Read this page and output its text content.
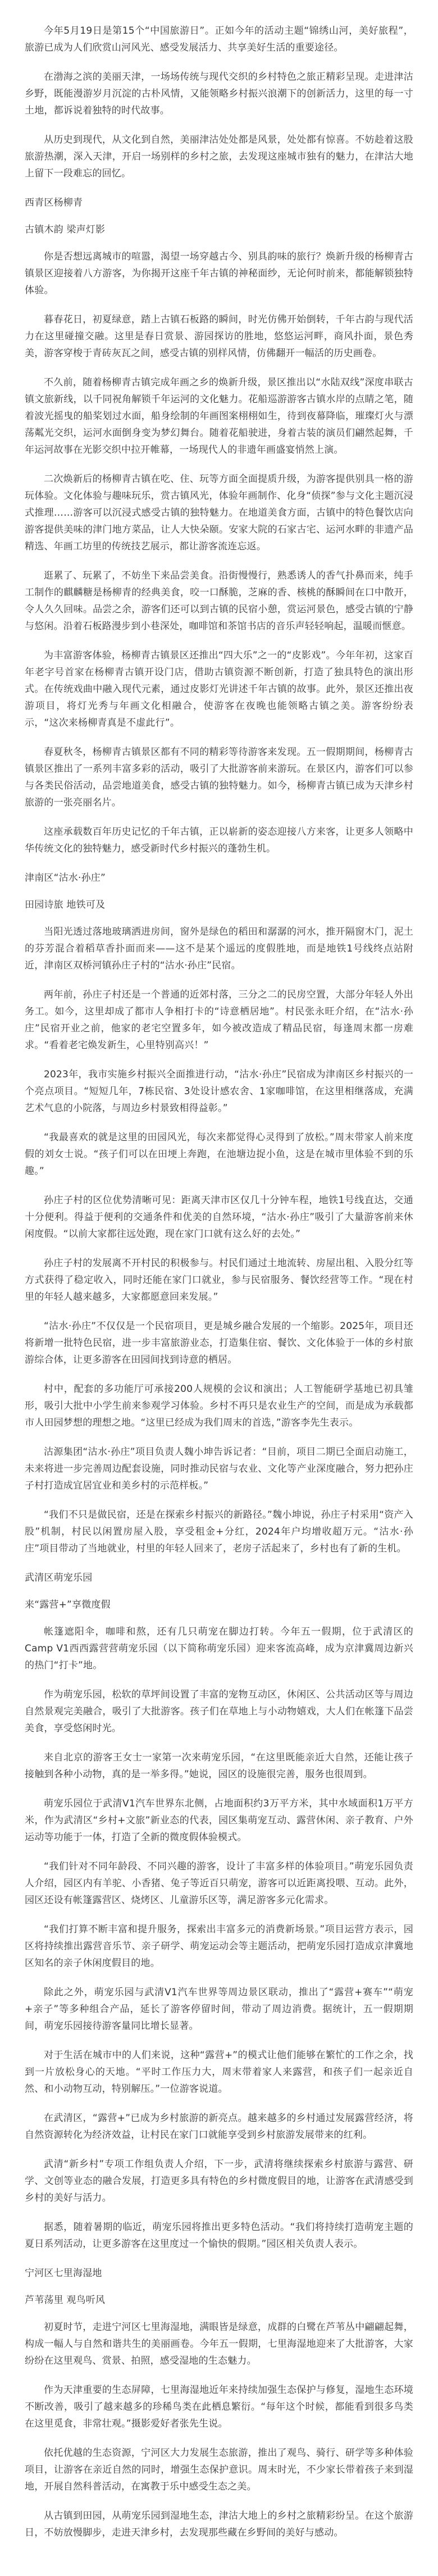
今年5月19日是第15个“中国旅游日”。正如今年的活动主题“锦绣山河，美好旅程”，旅游已成为人们欣赏山河风光、感受发展活力、共享美好生活的重要途径。

在渤海之滨的美丽天津，一场场传统与现代交织的乡村特色之旅正精彩呈现。走进津沽乡野，既能漫游岁月沉淀的古朴风情，又能领略乡村振兴浪潮下的创新活力，这里的每一寸土地，都诉说着独特的时代故事。

从历史到现代，从文化到自然，美丽津沽处处都是风景，处处都有惊喜。不妨趁着这股旅游热潮，深入天津，开启一场别样的乡村之旅，去发现这座城市独有的魅力，在津沽大地上留下一段难忘的回忆。

西青区杨柳青
古镇木韵 梁声灯影

你是否想远离城市的喧嚣，渴望一场穿越古今、别具韵味的旅行？焕新升级的杨柳青古镇景区迎接着八方游客，为你揭开这座千年古镇的神秘面纱，无论何时前来，都能解锁独特体验。

暮春花日，初夏绿意，踏上古镇石板路的瞬间，时光仿佛开始倒转，千年古韵与现代活力在这里碰撞交融。这里是春日赏景、游园探访的胜地，悠悠运河畔，商风扑面，景色秀美，游客穿梭于青砖灰瓦之间，感受古镇的别样风情，仿佛翻开一幅活的历史画卷。

不久前，随着杨柳青古镇完成年画之乡的焕新升级，景区推出以“水陆双线”深度串联古镇文旅新线，以千同祝角解锁千年运河的文化魅力。花船巡游游客古镇水岸的点睛之笔，随着波光摇曳的船桨划过水面，船身绘制的年画图案栩栩如生，待到夜幕降临，璀璨灯火与漂荡粼光交织，运河水面倒身变为梦幻舞台。随着花船驶进，身着古装的演员们翩然起舞，千年运河故事在光影交织中拉开帷幕，一场现代人的非遗年画盛宴悄然上演。

二次焕新后的杨柳青古镇在吃、住、玩等方面全面提质升级，为游客提供别具一格的游玩体验。文化体验与趣味玩乐，赏古镇风光，体验年画制作、化身“侦探”参与文化主题沉浸式推理……游客可以沉浸式感受古镇的独特魅力。在地道美食方面，古镇中的特色餐饮店向游客提供美味的津门地方菜品，让人大快朵颐。安家大院的石家古宅、运河水畔的非遗产品精选、年画工坊里的传统技艺展示，都让游客流连忘返。

逛累了、玩累了，不妨坐下来品尝美食。沿街慢慢行，熟悉诱人的香气扑鼻而来，纯手工制作的麒麟糖是杨柳青的经典美食，咬一口酥脆，芝麻的香、核桃的酥瞬间在口中散开，令人久久回味。品尝之余，游客们还可以到古镇的民宿小憩，赏运河景色，感受古镇的宁静与悠闲。沿着石板路漫步到小巷深处，咖啡馆和茶馆书店的音乐声轻轻响起，温暖而惬意。

为丰富游客体验，杨柳青古镇景区还推出“四大乐”之一的“皮影戏”。今年年初，这家百年老字号首家在杨柳青古镇开设门店，借助古镇资源不断创新，打造了独具特色的演出形式。在传统戏曲中融入现代元素，通过皮影灯光讲述千年古镇的故事。此外，景区还推出夜游项目，将灯光秀与年画文化相融合，使游客在夜晚也能领略古镇之美。游客纷纷表示，“这次来杨柳青真是不虚此行”。

春夏秋冬，杨柳青古镇景区都有不同的精彩等待游客来发现。五一假期期间，杨柳青古镇景区推出了一系列丰富多彩的活动，吸引了大批游客前来游玩。在景区内，游客们可以参与各类民俗活动，品尝地道美食，感受古镇的独特魅力。如今，杨柳青古镇已成为天津乡村旅游的一张亮丽名片。

这座承载数百年历史记忆的千年古镇，正以崭新的姿态迎接八方来客，让更多人领略中华传统文化的独特魅力，感受新时代乡村振兴的蓬勃生机。

津南区“沽水·孙庄”
田园诗旅 地铁可及

当阳光透过落地玻璃洒进房间，窗外是绿色的稻田和潺潺的河水，推开隔窗木门，泥土的芬芳混合着稻草香扑面而来——这不是某个遥远的度假胜地，而是地铁1号线终点站附近，津南区双桥河镇孙庄子村的“沽水·孙庄”民宿。

两年前，孙庄子村还是一个普通的近郊村落，三分之二的民房空置，大部分年轻人外出务工。如今，这里却成了都市人争相打卡的“诗意栖居地”。村民张永旺介绍，在“沽水·孙庄”民宿开业之前，他家的老宅空置多年，如今被改造成了精品民宿，每逢周末都一房难求。“看着老宅焕发新生，心里特别高兴！”

2023年，我市实施乡村振兴全面推进行动，“沽水·孙庄”民宿成为津南区乡村振兴的一个亮点项目。“短短几年，7栋民宿、3处设计感农舍、1家咖啡馆，在这里相继落成，充满艺术气息的小院落，与周边乡村景致相得益彰。”

“我最喜欢的就是这里的田园风光，每次来都觉得心灵得到了放松。”周末带家人前来度假的刘女士说。“孩子们可以在田埂上奔跑，在池塘边捉小鱼，这是在城市里体验不到的乐趣。”

孙庄子村的区位优势清晰可见：距离天津市区仅几十分钟车程，地铁1号线直达，交通十分便利。得益于便利的交通条件和优美的自然环境，“沽水·孙庄”吸引了大量游客前来休闲度假。“以前大家都往远处跑，现在家门口就有这么好的去处。”

孙庄子村的发展离不开村民的积极参与。村民们通过土地流转、房屋出租、入股分红等方式获得了稳定收入，同时还能在家门口就业，参与民宿服务、餐饮经营等工作。“现在村里的年轻人越来越多，大家都愿意回来发展。”

“沽水·孙庄”不仅仅是一个民宿项目，更是城乡融合发展的一个缩影。2025年，项目还将新增一批特色民宿，进一步丰富旅游业态，打造集住宿、餐饮、文化体验于一体的乡村旅游综合体，让更多游客在田园间找到诗意的栖居。

村中，配套的多功能厅可承接200人规模的会议和演出；人工智能研学基地已初具雏形，吸引大批中小学生前来参观学习体验。乡村不再只是农业生产的空间，而是成为承载都市人田园梦想的理想之地。“这里已经成为我们周末的首选，”游客李先生表示。

沽源集团“沽水·孙庄”项目负责人魏小坤告诉记者：“目前，项目二期已全面启动施工，未来将进一步完善周边配套设施，同时推动民宿与农业、文化等产业深度融合，努力把孙庄子村打造成宜居宜业和美乡村的示范样板。”

“我们不只是做民宿，还是在探索乡村振兴的新路径。”魏小坤说，孙庄子村采用“资产入股”机制，村民以闲置房屋入股，享受租金+分红，2024年户均增收超万元。“沽水·孙庄”项目带动了当地就业，村里的年轻人回来了，老房子活起来了，乡村也有了新的生机。

武清区萌宠乐园
来“露营+”享微度假

帐篷遮阳伞，咖啡和熬，还有几只萌宠在脚边打转。今年五一假期，位于武清区的Camp V1西西露营营萌宠乐园（以下简称萌宠乐园）迎来客流高峰，成为京津冀周边新兴的热门“打卡”地。

作为萌宠乐园，松软的草坪间设置了丰富的宠物互动区，休闲区、公共活动区等与周边自然景观完美融合，吸引了大批游客。孩子们在草地上与小动物嬉戏，大人们在帐篷下品尝美食，享受悠闲时光。

来自北京的游客王女士一家第一次来萌宠乐园，“在这里既能亲近大自然，还能让孩子接触到各种小动物，真的是一举多得。”她说，园区的设施很完善，服务也很周到。

萌宠乐园位于武清V1汽车世界东北侧，占地面积约3万平方米，其中水域面积1万平方米，作为武清区“乡村+文旅”新业态的代表，园区集萌宠互动、露营休闲、亲子教育、户外运动等功能于一体，打造了全新的微度假体验模式。

“我们针对不同年龄段、不同兴趣的游客，设计了丰富多样的体验项目。”萌宠乐园负责人介绍，园区内有羊驼、小香猪、兔子等近百只萌宠，游客可以近距离投喂、互动。此外，园区还设有帐篷露营区、烧烤区、儿童游乐区等，满足游客多元化需求。

“我们打算不断丰富和提升服务，探索出丰富多元的消费新场景。”项目运营方表示，园区将持续推出露营音乐节、亲子研学、萌宠运动会等主题活动，把萌宠乐园打造成京津冀地区知名的亲子休闲度假目的地。

除此之外，萌宠乐园与武清V1汽车世界等周边景区联动，推出了“露营+赛车”“萌宠+亲子”等多种组合产品，延长了游客停留时间，带动了周边消费。据统计，五一假期期间，萌宠乐园接待游客量同比增长显著。

对于生活在城市中的人们来说，这种“露营+”的模式让他们能够在繁忙的工作之余，找到一片放松身心的天地。“平时工作压力大，周末带着家人来露营，和孩子们一起亲近自然、和小动物互动，特别解压。”一位游客说道。

在武清区，“露营+”已成为乡村旅游的新亮点。越来越多的乡村通过发展露营经济，将自然资源转化为经济效益，让村民在家门口就能享受到乡村旅游发展带来的红利。

武清“新乡村”专项工作组负责人介绍，下一步，武清将继续探索乡村旅游与露营、研学、文创等业态的融合发展，打造更多具有特色的乡村微度假目的地，让游客在武清感受到乡村的美好与活力。

据悉，随着暑期的临近，萌宠乐园将推出更多特色活动。“我们将持续打造萌宠主题的夏日系列活动，让更多游客在这里度过一个愉快的假期。”园区相关负责人表示。

宁河区七里海湿地
芦苇荡里 观鸟听风

初夏时节，走进宁河区七里海湿地，满眼皆是绿意，成群的白鹭在芦苇丛中翩翩起舞，构成一幅人与自然和谐共生的美丽画卷。今年五一假期，七里海湿地迎来了大批游客，大家纷纷在这里观鸟、赏景、拍照，感受湿地的生态魅力。

作为天津重要的生态屏障，七里海湿地近年来持续加强生态保护与修复，湿地生态环境不断改善，吸引了越来越多的珍稀鸟类在此栖息繁衍。“每年这个时候，都能看到很多鸟类在这里觅食，非常壮观。”摄影爱好者张先生说。

依托优越的生态资源，宁河区大力发展生态旅游，推出了观鸟、骑行、研学等多种体验项目，让游客在亲近自然的同时，增强生态保护意识。周末时光，不少家长带着孩子来到湿地，开展自然科普活动，在寓教于乐中感受生态之美。

从古镇到田园，从萌宠乐园到湿地生态，津沽大地上的乡村之旅精彩纷呈。在这个旅游日，不妨放慢脚步，走进天津乡村，去发现那些藏在乡野间的美好与感动。
